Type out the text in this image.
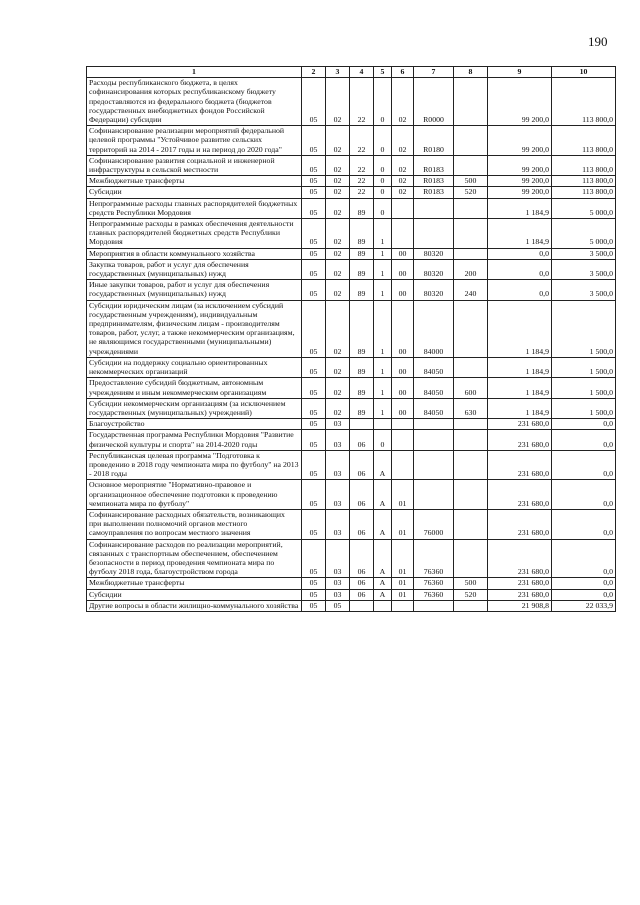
190
1	2	3	4	5	6	7	8	9	10
Расходы республиканского бюджета, в целях софинансирования которых республиканскому бюджету предоставляются из федерального бюджета (бюджетов государственных внебюджетных фондов Российской Федерации) субсидии	05	02	22	0	02	R0000		99 200,0	113 800,0
Софинансирование реализации мероприятий федеральной целевой программы "Устойчивое развитие сельских территорий на 2014 - 2017 годы и на период до 2020 года"	05	02	22	0	02	R0180		99 200,0	113 800,0
Софинансирование развития социальной и инженерной инфраструктуры в сельской местности	05	02	22	0	02	R0183		99 200,0	113 800,0
Межбюджетные трансферты	05	02	22	0	02	R0183	500	99 200,0	113 800,0
Субсидии	05	02	22	0	02	R0183	520	99 200,0	113 800,0
Непрограммные расходы главных распорядителей бюджетных средств Республики Мордовия	05	02	89	0				1 184,9	5 000,0
Непрограммные расходы в рамках обеспечения деятельности главных распорядителей бюджетных средств Республики Мордовия	05	02	89	1				1 184,9	5 000,0
Мероприятия в области коммунального хозяйства	05	02	89	1	00	80320		0,0	3 500,0
Закупка товаров, работ и услуг для обеспечения государственных (муниципальных) нужд	05	02	89	1	00	80320	200	0,0	3 500,0
Иные закупки товаров, работ и услуг для обеспечения государственных (муниципальных) нужд	05	02	89	1	00	80320	240	0,0	3 500,0
Субсидии юридическим лицам (за исключением субсидий государственным учреждениям), индивидуальным предпринимателям, физическим лицам - производителям товаров, работ, услуг, а также некоммерческим организациям, не являющимся государственными (муниципальными) учреждениями	05	02	89	1	00	84000		1 184,9	1 500,0
Субсидии на поддержку социально ориентированных некоммерческих организаций	05	02	89	1	00	84050		1 184,9	1 500,0
Предоставление субсидий бюджетным, автономным учреждениям и иным некоммерческим организациям	05	02	89	1	00	84050	600	1 184,9	1 500,0
Субсидии некоммерческим организациям (за исключением государственных (муниципальных) учреждений)	05	02	89	1	00	84050	630	1 184,9	1 500,0
Благоустройство	05	03						231 680,0	0,0
Государственная программа Республики Мордовия "Развитие физической культуры и спорта" на 2014-2020 годы	05	03	06	0				231 680,0	0,0
Республиканская целевая программа "Подготовка к проведению в 2018 году чемпионата мира по футболу" на 2013 - 2018 годы	05	03	06	А				231 680,0	0,0
Основное мероприятие "Нормативно-правовое и организационное обеспечение подготовки к проведению чемпионата мира по футболу"	05	03	06	А	01			231 680,0	0,0
Софинансирование расходных обязательств, возникающих при выполнении полномочий органов местного самоуправления по вопросам местного значения	05	03	06	А	01	76000		231 680,0	0,0
Софинансирование расходов по реализации мероприятий, связанных с транспортным обеспечением, обеспечением безопасности в период проведения чемпионата мира по футболу 2018 года, благоустройством города	05	03	06	А	01	76360		231 680,0	0,0
Межбюджетные трансферты	05	03	06	А	01	76360	500	231 680,0	0,0
Субсидии	05	03	06	А	01	76360	520	231 680,0	0,0
Другие вопросы в области жилищно-коммунального хозяйства	05	05						21 908,8	22 033,9
